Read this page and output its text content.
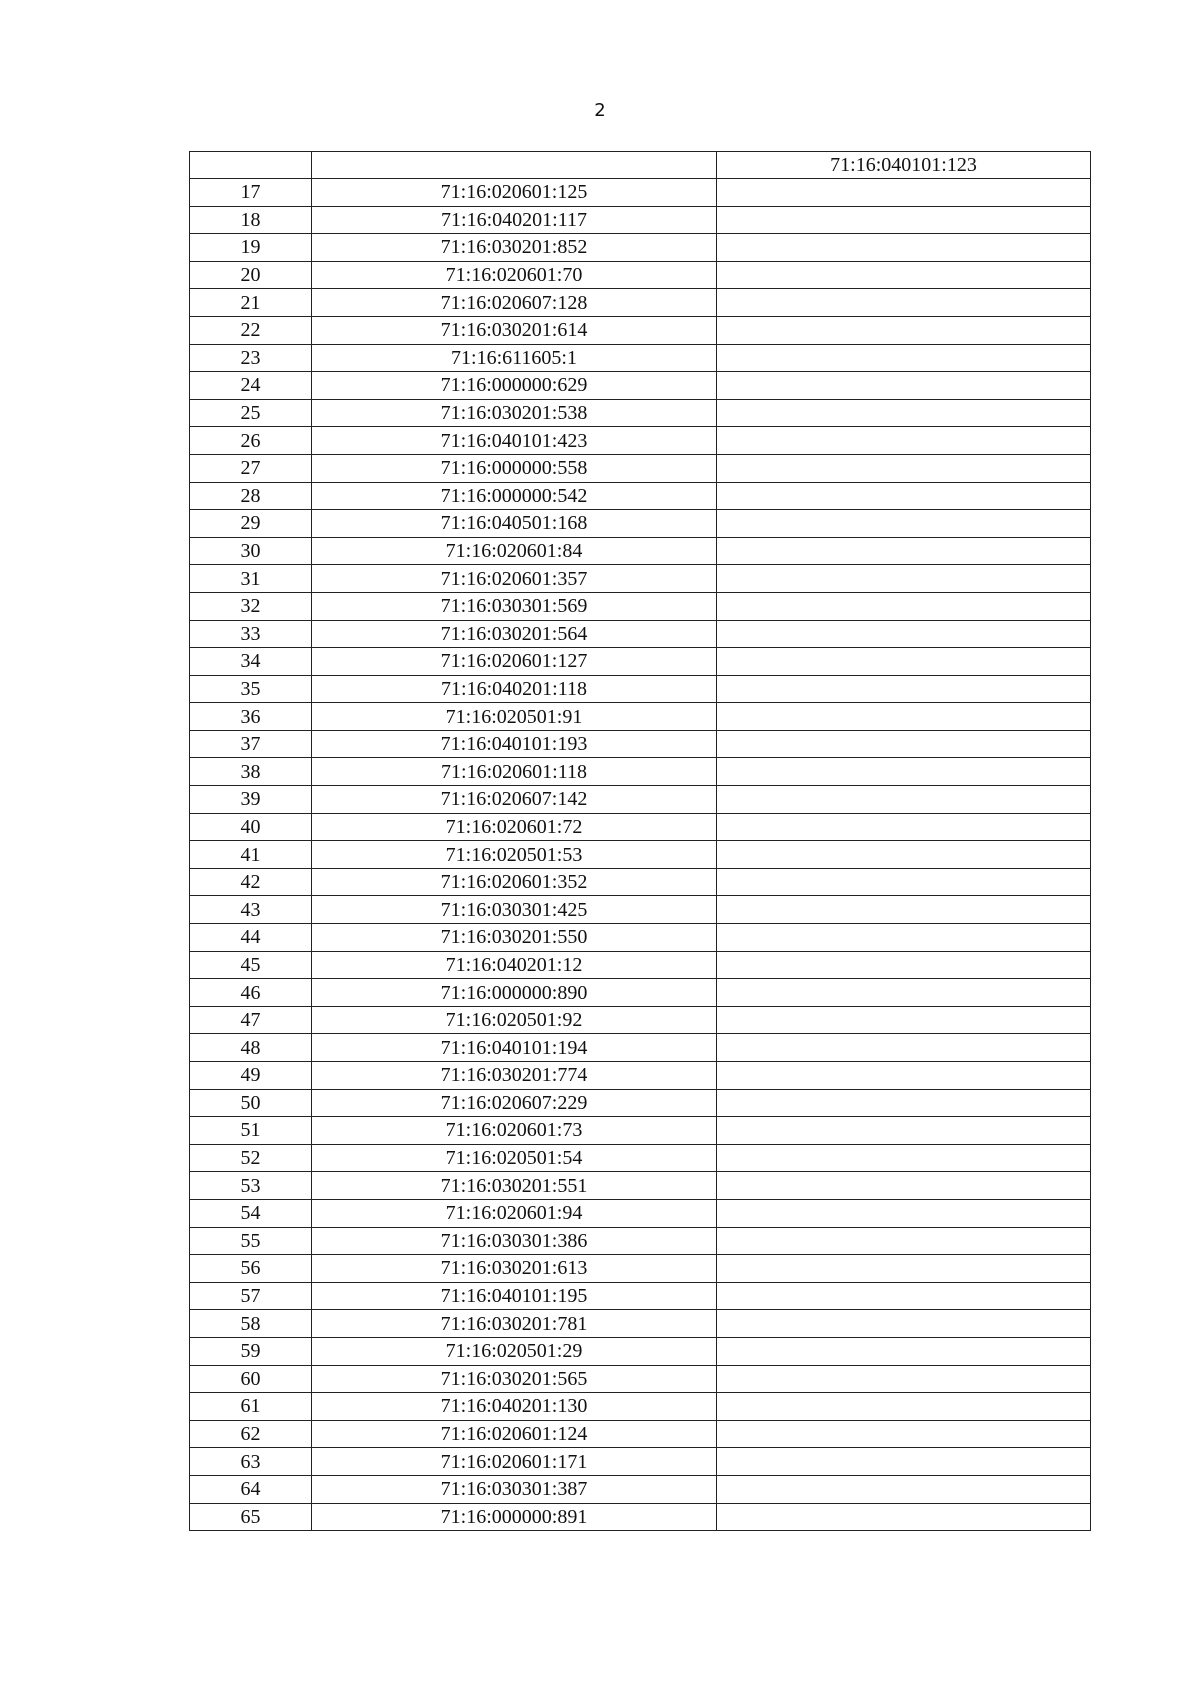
2
		71:16:040101:123
17	71:16:020601:125	
18	71:16:040201:117	
19	71:16:030201:852	
20	71:16:020601:70	
21	71:16:020607:128	
22	71:16:030201:614	
23	71:16:611605:1	
24	71:16:000000:629	
25	71:16:030201:538	
26	71:16:040101:423	
27	71:16:000000:558	
28	71:16:000000:542	
29	71:16:040501:168	
30	71:16:020601:84	
31	71:16:020601:357	
32	71:16:030301:569	
33	71:16:030201:564	
34	71:16:020601:127	
35	71:16:040201:118	
36	71:16:020501:91	
37	71:16:040101:193	
38	71:16:020601:118	
39	71:16:020607:142	
40	71:16:020601:72	
41	71:16:020501:53	
42	71:16:020601:352	
43	71:16:030301:425	
44	71:16:030201:550	
45	71:16:040201:12	
46	71:16:000000:890	
47	71:16:020501:92	
48	71:16:040101:194	
49	71:16:030201:774	
50	71:16:020607:229	
51	71:16:020601:73	
52	71:16:020501:54	
53	71:16:030201:551	
54	71:16:020601:94	
55	71:16:030301:386	
56	71:16:030201:613	
57	71:16:040101:195	
58	71:16:030201:781	
59	71:16:020501:29	
60	71:16:030201:565	
61	71:16:040201:130	
62	71:16:020601:124	
63	71:16:020601:171	
64	71:16:030301:387	
65	71:16:000000:891	
